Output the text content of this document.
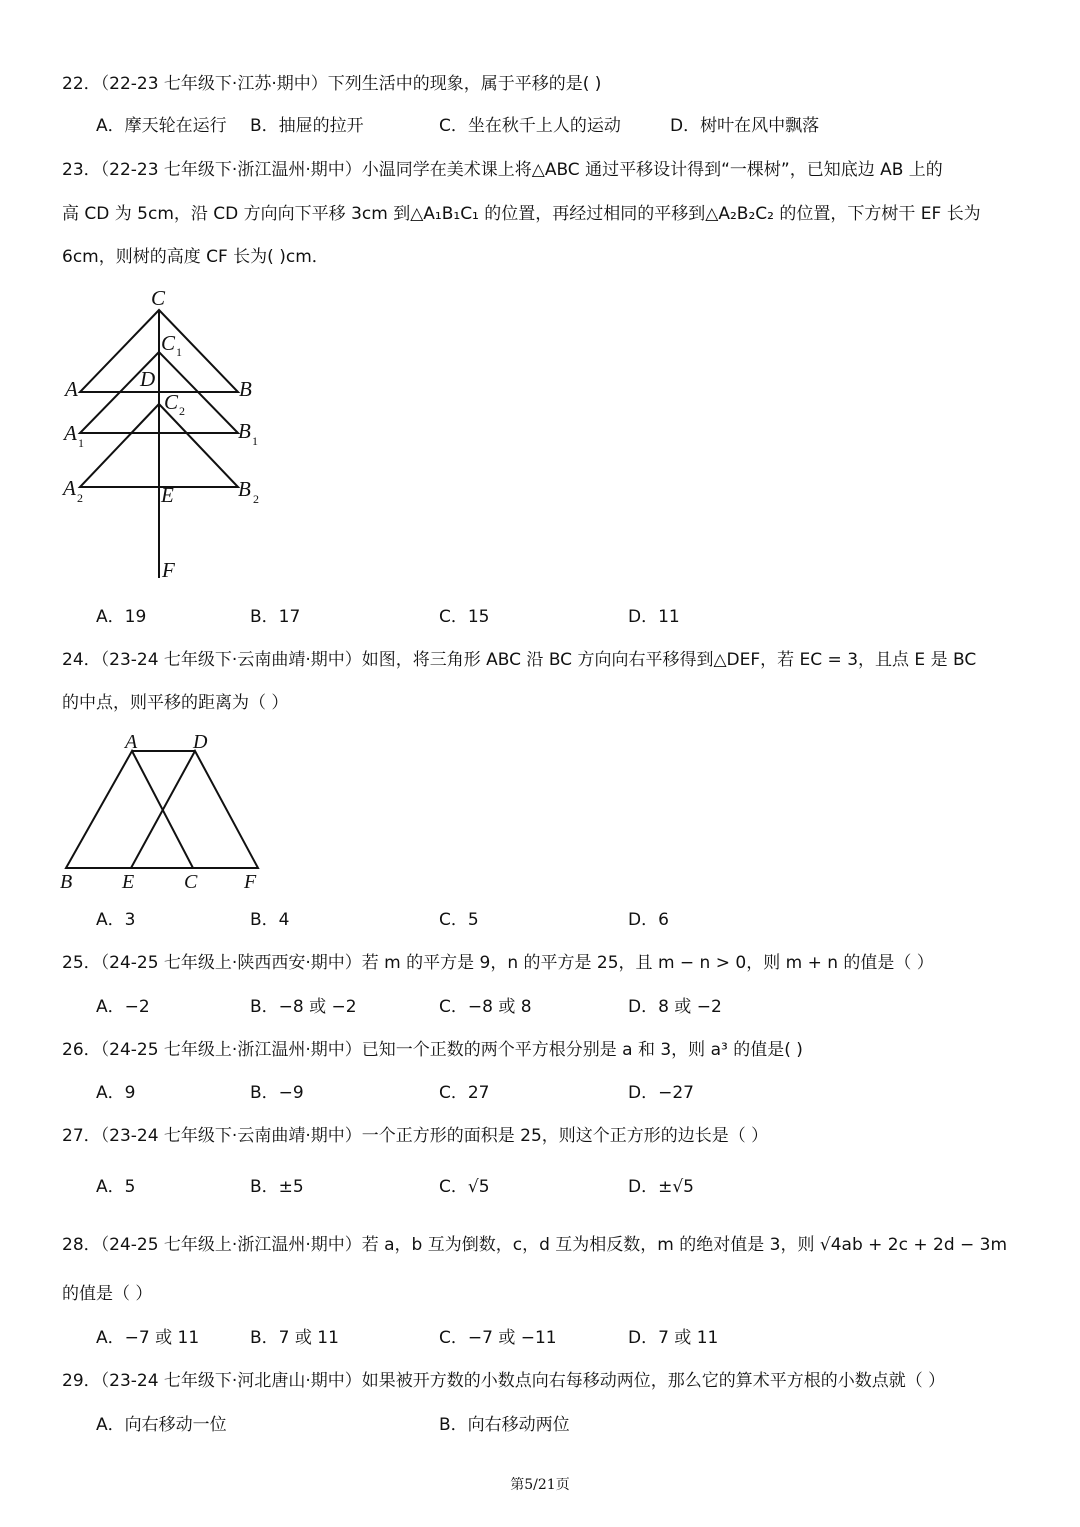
22．（22-23 七年级下·江苏·期中）下列生活中的现象，属于平移的是( )
A．摩天轮在运行 B．抽屉的拉开	C．坐在秋千上人的运动	D．树叶在风中飘落
23．（22-23 七年级下·浙江温州·期中）小温同学在美术课上将△ABC 通过平移设计得到“一棵树”，已知底边 AB 上的
高 CD 为 5cm，沿 CD 方向向下平移 3cm 到△A₁B₁C₁ 的位置，再经过相同的平移到△A₂B₂C₂ 的位置，下方树干 EF 长为
6cm，则树的高度 CF 长为( )cm．
C
C 1
D
A	B
C 2
A 1	B 1
A 2	E	B 2
F
A．19	B．17	C．15	D．11
24．（23-24 七年级下·云南曲靖·期中）如图，将三角形 ABC 沿 BC 方向向右平移得到△DEF，若 EC = 3，且点 E 是 BC
的中点，则平移的距离为（ ）
A	D
B E C F
A．3	B．4	C．5	D．6
25．（24-25 七年级上·陕西西安·期中）若 m 的平方是 9，n 的平方是 25，且 m − n > 0，则 m + n 的值是（ ）
A．−2	B．−8 或 −2	C．−8 或 8	D．8 或 −2
26．（24-25 七年级上·浙江温州·期中）已知一个正数的两个平方根分别是 a 和 3，则 a³ 的值是( )
A．9	B．−9	C．27	D．−27
27．（23-24 七年级下·云南曲靖·期中）一个正方形的面积是 25，则这个正方形的边长是（ ）
A．5	B．±5	C．√5	D．±√5
28．（24-25 七年级上·浙江温州·期中）若 a，b 互为倒数，c，d 互为相反数，m 的绝对值是 3，则 √4ab + 2c + 2d − 3m
的值是（ ）
A．−7 或 11	B．7 或 11	C．−7 或 −11	D．7 或 11
29．（23-24 七年级下·河北唐山·期中）如果被开方数的小数点向右每移动两位，那么它的算术平方根的小数点就（ ）
A．向右移动一位	B．向右移动两位
第5/21页
